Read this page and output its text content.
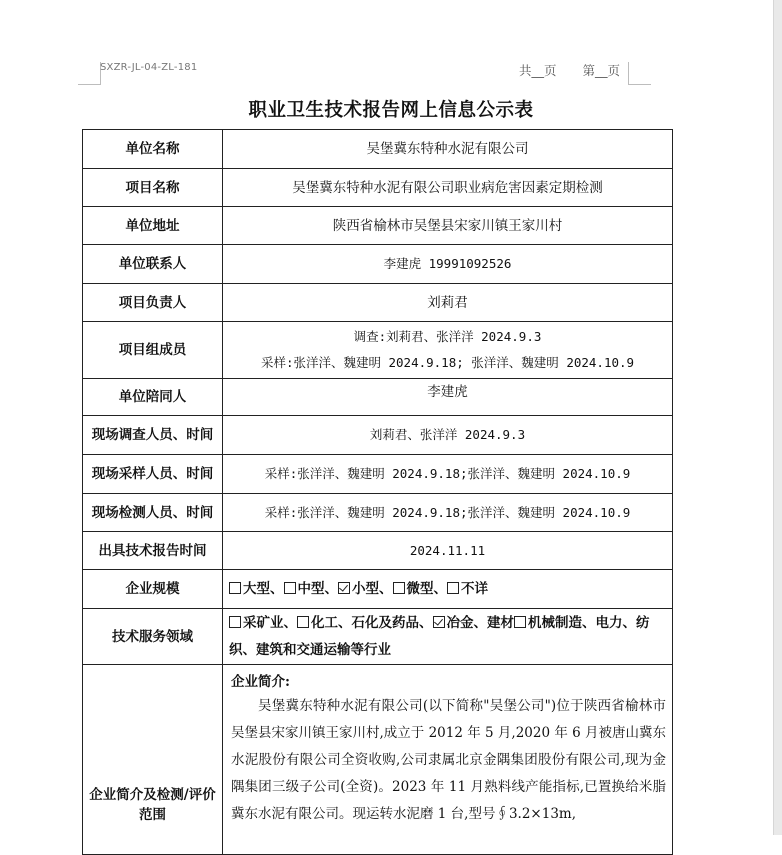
SXZR-JL-04-ZL-181	共__页 第__页
职业卫生技术报告网上信息公示表
单位名称	吴堡冀东特种水泥有限公司
项目名称	吴堡冀东特种水泥有限公司职业病危害因素定期检测
单位地址	陕西省榆林市吴堡县宋家川镇王家川村
单位联系人	李建虎 19991092526
项目负责人	刘莉君
项目组成员	调查:刘莉君、张洋洋 2024.9.3
采样:张洋洋、魏建明 2024.9.18; 张洋洋、魏建明 2024.10.9

单位陪同人	李建虎
现场调查人员、时间	刘莉君、张洋洋 2024.9.3
现场采样人员、时间	采样:张洋洋、魏建明 2024.9.18;张洋洋、魏建明 2024.10.9
现场检测人员、时间	采样:张洋洋、魏建明 2024.9.18;张洋洋、魏建明 2024.10.9
出具技术报告时间	2024.11.11
企业规模	大型、 中型、 小型、 微型、 不详
技术服务领域	采矿业、 化工、石化及药品、 冶金、建材 机械制造、电力、纺织、建筑和交通运输等行业
企业简介及检测/评价范围	企业简介:
吴堡冀东特种水泥有限公司(以下简称"吴堡公司")位于陕西省榆林市吴堡县宋家川镇王家川村,成立于 2012 年 5 月,2020 年 6 月被唐山冀东水泥股份有限公司全资收购,公司隶属北京金隅集团股份有限公司,现为金隅集团三级子公司(全资)。2023 年 11 月熟料线产能指标,已置换给米脂冀东水泥有限公司。现运转水泥磨 1 台,型号∮3.2×13m,
